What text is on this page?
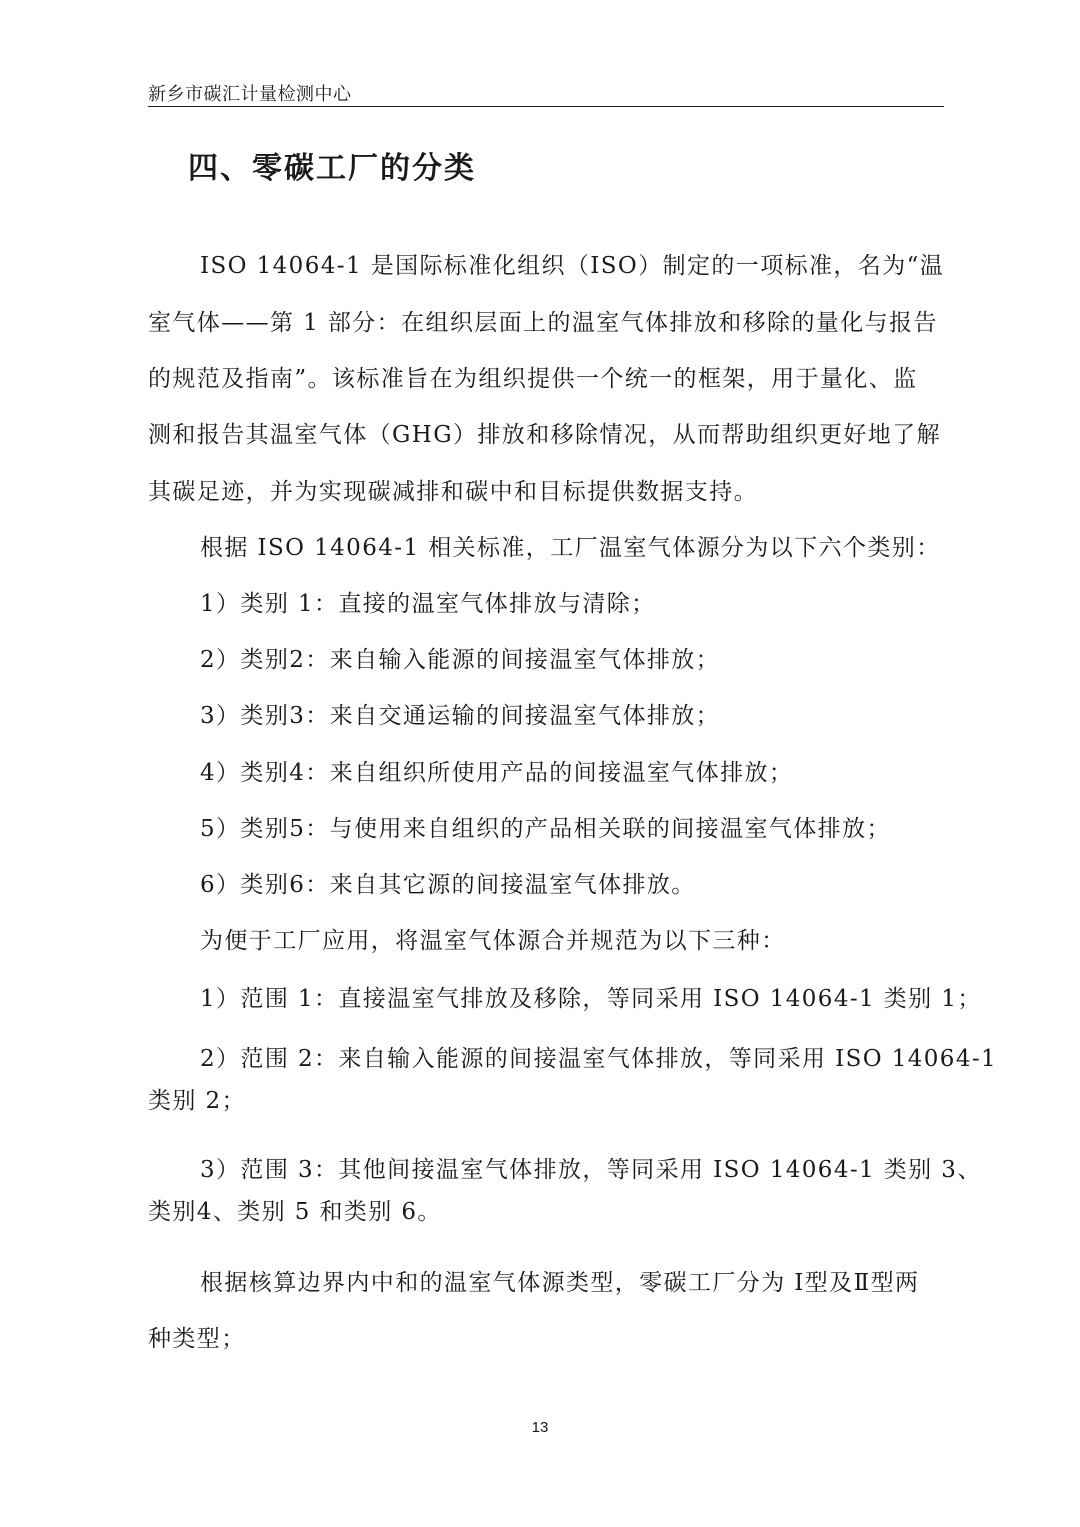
新乡市碳汇计量检测中心
四、零碳工厂的分类
ISO 14064-1 是国际标准化组织（ISO）制定的一项标准，名为“温
室气体——第 1 部分：在组织层面上的温室气体排放和移除的量化与报告
的规范及指南”。该标准旨在为组织提供一个统一的框架，用于量化、监
测和报告其温室气体（GHG）排放和移除情况，从而帮助组织更好地了解
其碳足迹，并为实现碳减排和碳中和目标提供数据支持。
根据 ISO 14064-1 相关标准，工厂温室气体源分为以下六个类别：
1）类别 1：直接的温室气体排放与清除；
2）类别2：来自输入能源的间接温室气体排放；
3）类别3：来自交通运输的间接温室气体排放；
4）类别4：来自组织所使用产品的间接温室气体排放；
5）类别5：与使用来自组织的产品相关联的间接温室气体排放；
6）类别6：来自其它源的间接温室气体排放。
为便于工厂应用，将温室气体源合并规范为以下三种：
1）范围 1：直接温室气排放及移除，等同采用 ISO 14064-1 类别 1；
2）范围 2：来自输入能源的间接温室气体排放，等同采用 ISO 14064-1
类别 2；
3）范围 3：其他间接温室气体排放，等同采用 ISO 14064-1 类别 3、
类别4、类别 5 和类别 6。
根据核算边界内中和的温室气体源类型，零碳工厂分为 Ⅰ型及Ⅱ型两
种类型；
13
